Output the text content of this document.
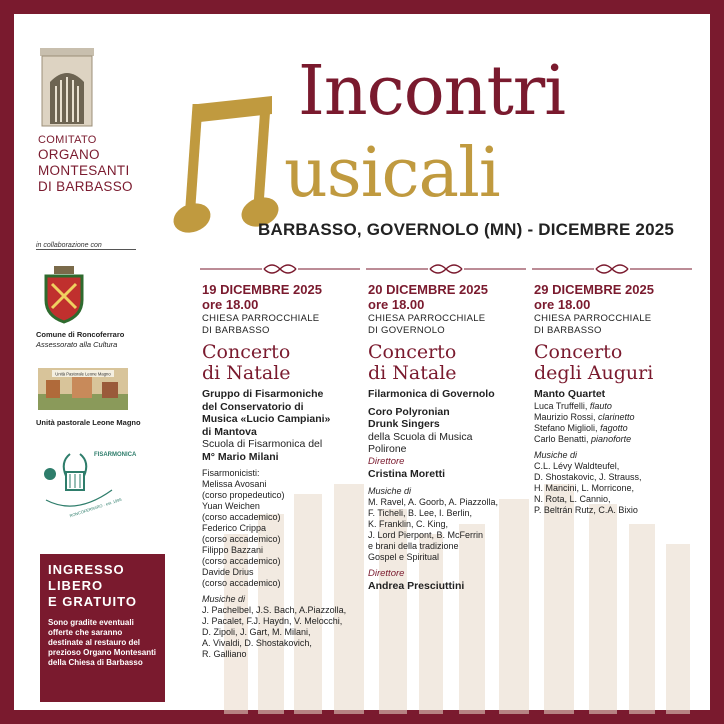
COMITATO
ORGANO
MONTESANTI
DI BARBASSO
Incontri
usicali
BARBASSO, GOVERNOLO (MN) - DICEMBRE 2025
in collaborazione con
Comune di Roncoferraro
Assessorato alla Cultura
Unità Pastorale Leone Magno
Unità pastorale Leone Magno
FISARMONICA
RONCOFERRARO · est. 1995
INGRESSO
LIBERO
E GRATUITO
Sono gradite eventuali offerte che saranno destinate al restauro del prezioso Organo Montesanti della Chiesa di Barbasso
19 DICEMBRE 2025
ore 18.00
CHIESA PARROCCHIALE
DI BARBASSO
Concerto
di Natale
Gruppo di Fisarmoniche
del Conservatorio di
Musica «Lucio Campiani»
di Mantova
Scuola di Fisarmonica del
M° Mario Milani
Fisarmonicisti:
Melissa Avosani
(corso propedeutico)
Yuan Weichen
(corso accademico)
Federico Crippa
(corso accademico)
Filippo Bazzani
(corso accademico)
Davide Drius
(corso accademico)
Musiche di
J. Pachelbel, J.S. Bach, A.Piazzolla,
J. Pacalet, F.J. Haydn, V. Melocchi,
D. Zipoli, J. Gart, M. Milani,
A. Vivaldi, D. Shostakovich,
R. Galliano
20 DICEMBRE 2025
ore 18.00
CHIESA PARROCCHIALE
DI GOVERNOLO
Concerto
di Natale
Filarmonica di Governolo
Coro Polyronian
Drunk Singers
della Scuola di Musica
Polirone
Direttore
Cristina Moretti
Musiche di
M. Ravel, A. Goorb, A. Piazzolla,
F. Ticheli, B. Lee, I. Berlin,
K. Franklin, C. King,
J. Lord Pierpont, B. McFerrin
e brani della tradizione
Gospel e Spiritual
Direttore
Andrea Presciuttini
29 DICEMBRE 2025
ore 18.00
CHIESA PARROCCHIALE
DI BARBASSO
Concerto
degli Auguri
Manto Quartet
Luca Truffelli, flauto
Maurizio Rossi, clarinetto
Stefano Miglioli, fagotto
Carlo Benatti, pianoforte
Musiche di
C.L. Lévy Waldteufel,
D. Shostakovic, J. Strauss,
H. Mancini, L. Morricone,
N. Rota, L. Cannio,
P. Beltrán Rutz, C.A. Bixio
